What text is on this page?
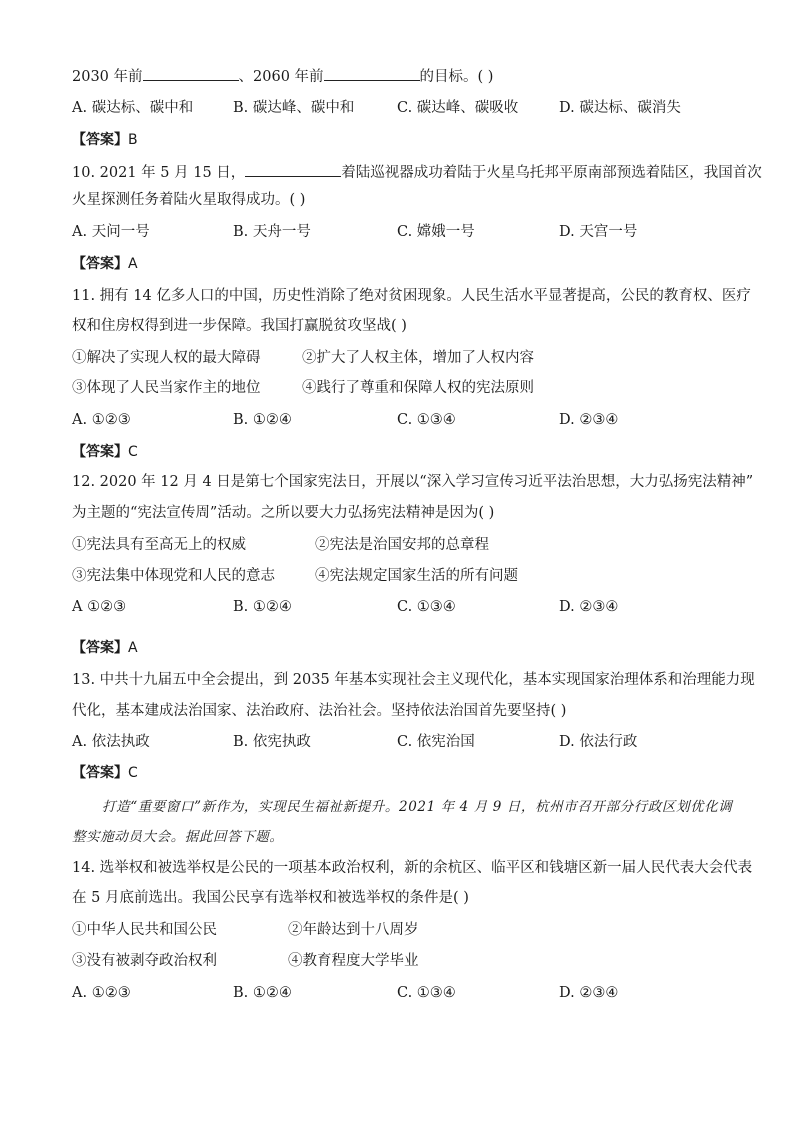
2030 年前	、2060 年前	的目标。( )
A. 碳达标、碳中和	B. 碳达峰、碳中和	C. 碳达峰、碳吸收	D. 碳达标、碳消失
【答案】B
10. 2021 年 5 月 15 日，	着陆巡视器成功着陆于火星乌托邦平原南部预选着陆区，我国首次
火星探测任务着陆火星取得成功。( )
A. 天问一号	B. 天舟一号	C. 嫦娥一号	D. 天宫一号
【答案】A
11. 拥有 14 亿多人口的中国，历史性消除了绝对贫困现象。人民生活水平显著提高，公民的教育权、医疗
权和住房权得到进一步保障。我国打赢脱贫攻坚战( )
①解决了实现人权的最大障碍	②扩大了人权主体，增加了人权内容
③体现了人民当家作主的地位	④践行了尊重和保障人权的宪法原则
A. ①②③	B. ①②④	C. ①③④	D. ②③④
【答案】C
12. 2020 年 12 月 4 日是第七个国家宪法日，开展以“深入学习宣传习近平法治思想，大力弘扬宪法精神”
为主题的“宪法宣传周”活动。之所以要大力弘扬宪法精神是因为( )
①宪法具有至高无上的权威	②宪法是治国安邦的总章程
③宪法集中体现党和人民的意志	④宪法规定国家生活的所有问题
A ①②③	B. ①②④	C. ①③④	D. ②③④
【答案】A
13. 中共十九届五中全会提出，到 2035 年基本实现社会主义现代化，基本实现国家治理体系和治理能力现
代化，基本建成法治国家、法治政府、法治社会。坚持依法治国首先要坚持( )
A. 依法执政	B. 依宪执政	C. 依宪治国	D. 依法行政
【答案】C
打造“重要窗口”新作为，实现民生福祉新提升。2021 年 4 月 9 日，杭州市召开部分行政区划优化调
整实施动员大会。据此回答下题。
14. 选举权和被选举权是公民的一项基本政治权利，新的余杭区、临平区和钱塘区新一届人民代表大会代表
在 5 月底前选出。我国公民享有选举权和被选举权的条件是( )
①中华人民共和国公民	②年龄达到十八周岁
③没有被剥夺政治权利	④教育程度大学毕业
A. ①②③	B. ①②④	C. ①③④	D. ②③④
